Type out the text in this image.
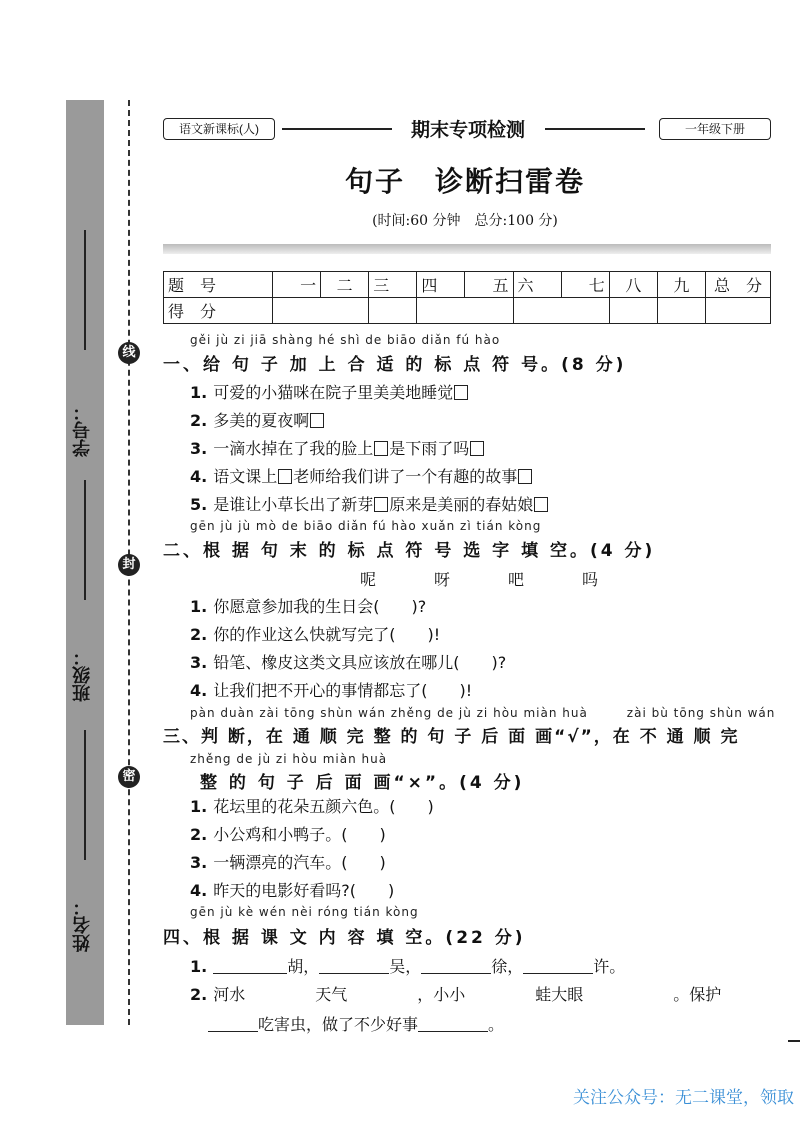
学号：
班级：
姓名：
线
封
密
语文新课标(人)	期末专项检测	一年级下册
句子　诊断扫雷卷
(时间:60 分钟　总分:100 分)
题　号	一	二	三	四	五	六	七	八	九	总　分
得　分										
gěi jù zi jiā shàng hé shì de biāo diǎn fú hào
一、给 句 子 加 上 合 适 的 标 点 符 号。(8 分)
1. 可爱的小猫咪在院子里美美地睡觉
2. 多美的夏夜啊
3. 一滴水掉在了我的脸上 是下雨了吗
4. 语文课上 老师给我们讲了一个有趣的故事
5. 是谁让小草长出了新芽 原来是美丽的春姑娘
gēn jù jù mò de biāo diǎn fú hào xuǎn zì tián kòng
二、根 据 句 末 的 标 点 符 号 选 字 填 空。(4 分)
呢	呀	吧	吗
1. 你愿意参加我的生日会(　　)?
2. 你的作业这么快就写完了(　　)!
3. 铅笔、橡皮这类文具应该放在哪儿(　　)?
4. 让我们把不开心的事情都忘了(　　)!
pàn duàn zài tōng shùn wán zhěng de jù zi hòu miàn huà　　　zài bù tōng shùn wán
三、判 断，在 通 顺 完 整 的 句 子 后 面 画“√”，在 不 通 顺 完
zhěng de jù zi hòu miàn huà
整 的 句 子 后 面 画“×”。(4 分)
1. 花坛里的花朵五颜六色。(　　)
2. 小公鸡和小鸭子。(　　)
3. 一辆漂亮的汽车。(　　)
4. 昨天的电影好看吗?(　　)
gēn jù kè wén nèi róng tián kòng
四、根 据 课 文 内 容 填 空。(22 分)
1.	胡，	吴，	徐，	许。
2. 河水	天气	，小小	蛙大眼	。保护
吃害虫，做了不少好事	。
关注公众号：无二课堂，领取
